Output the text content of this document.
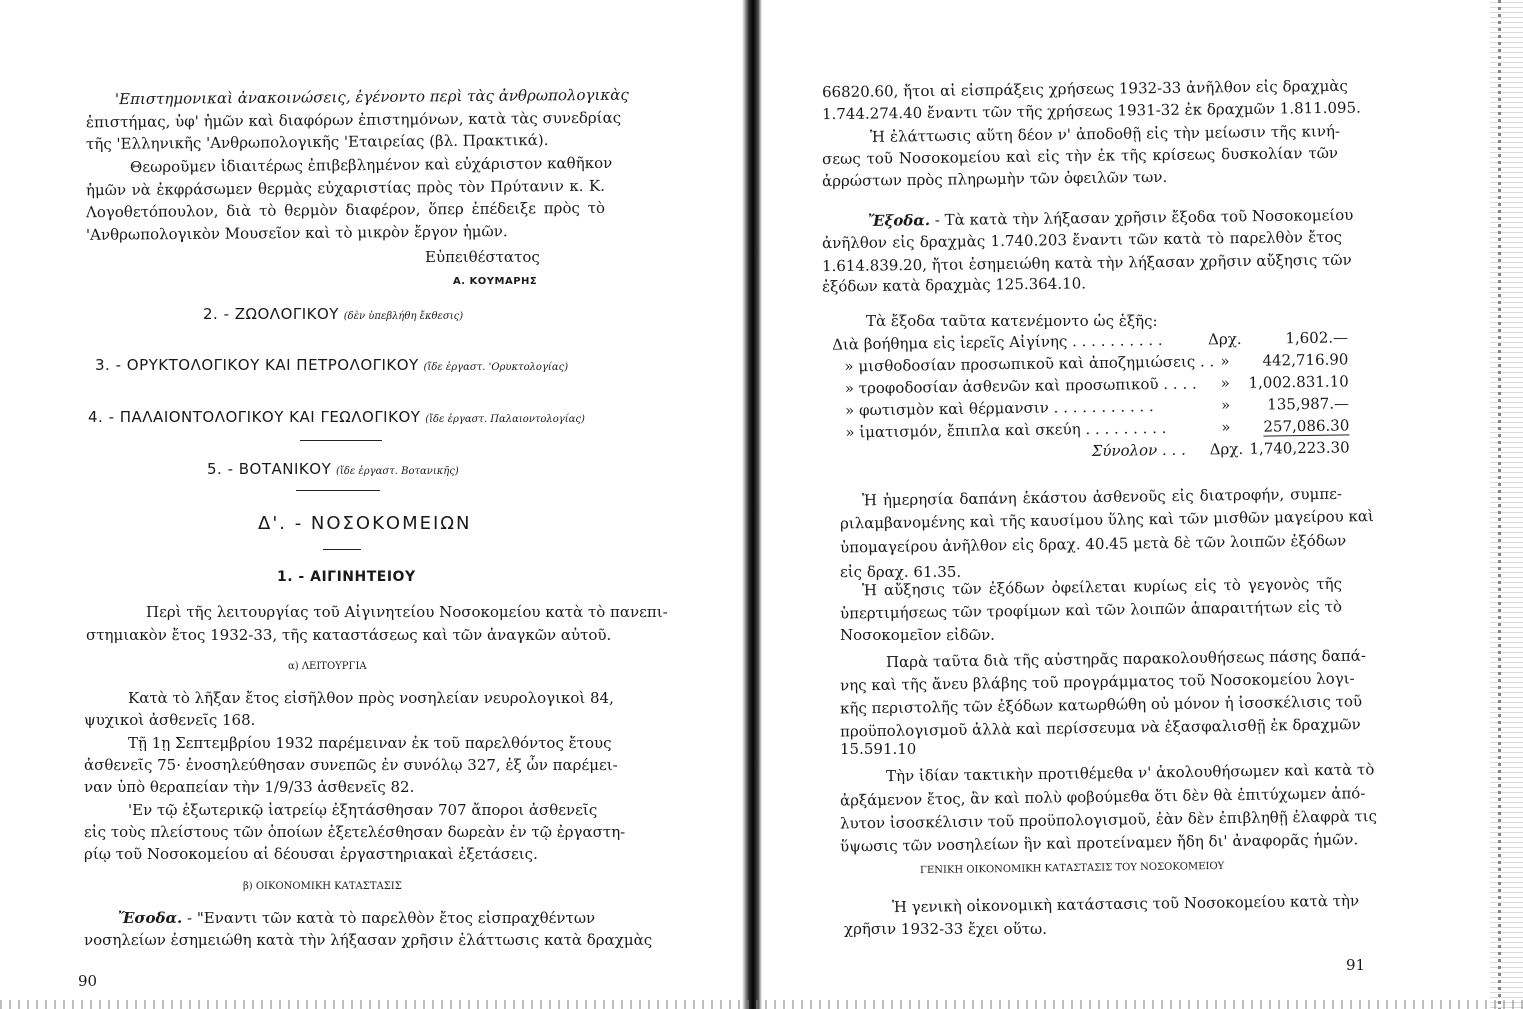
'Επιστημονικαὶ ἀνακοινώσεις, ἐγένοντο περὶ τὰς ἀνθρωπολογικὰς
ἐπιστήμας, ὑφ' ἡμῶν καὶ διαφόρων ἐπιστημόνων, κατὰ τὰς συνεδρίας
τῆς 'Ελληνικῆς 'Ανθρωπολογικῆς 'Εταιρείας (βλ. Πρακτικά).
Θεωροῦμεν ἰδιαιτέρως ἐπιβεβλημένον καὶ εὐχάριστον καθῆκον
ἡμῶν νὰ ἐκφράσωμεν θερμὰς εὐχαριστίας πρὸς τὸν Πρύτανιν κ. Κ.
Λογοθετόπουλον, διὰ τὸ θερμὸν διαφέρον, ὅπερ ἐπέδειξε πρὸς τὸ
'Ανθρωπολογικὸν Μουσεῖον καὶ τὸ μικρὸν ἔργον ἡμῶν.
Εὐπειθέστατος
Α. ΚΟΥΜΑΡΗΣ
2. - ΖΩΟΛΟΓΙΚΟΥ (δὲν ὑπεβλήθη ἔκθεσις)
3. - ΟΡΥΚΤΟΛΟΓΙΚΟΥ ΚΑΙ ΠΕΤΡΟΛΟΓΙΚΟΥ (ἴδε ἐργαστ. 'Ορυκτολογίας)
4. - ΠΑΛΑΙΟΝΤΟΛΟΓΙΚΟΥ ΚΑΙ ΓΕΩΛΟΓΙΚΟΥ (ἴδε ἐργαστ. Παλαιοντολογίας)
5. - ΒΟΤΑΝΙΚΟΥ (ἴδε ἐργαστ. Βοτανικῆς)
Δ'. - ΝΟΣΟΚΟΜΕΙΩΝ
1. - ΑΙΓΙΝΗΤΕΙΟΥ
Περὶ τῆς λειτουργίας τοῦ Αἰγινητείου Νοσοκομείου κατὰ τὸ πανεπι-
στημιακὸν ἔτος 1932-33, τῆς καταστάσεως καὶ τῶν ἀναγκῶν αὐτοῦ.
α) ΛΕΙΤΟΥΡΓΙΑ
Κατὰ τὸ λῆξαν ἔτος εἰσῆλθον πρὸς νοσηλείαν νευρολογικοὶ 84,
ψυχικοὶ ἀσθενεῖς 168.
Τῇ 1ῃ Σεπτεμβρίου 1932 παρέμειναν ἐκ τοῦ παρελθόντος ἔτους
ἀσθενεῖς 75· ἐνοσηλεύθησαν συνεπῶς ἐν συνόλῳ 327, ἐξ ὧν παρέμει-
ναν ὑπὸ θεραπείαν τὴν 1/9/33 ἀσθενεῖς 82.
'Εν τῷ ἐξωτερικῷ ἰατρείῳ ἐξητάσθησαν 707 ἄποροι ἀσθενεῖς
εἰς τοὺς πλείστους τῶν ὁποίων ἐξετελέσθησαν δωρεὰν ἐν τῷ ἐργαστη-
ρίῳ τοῦ Νοσοκομείου αἱ δέουσαι ἐργαστηριακαὶ ἐξετάσεις.
β) ΟΙΚΟΝΟΜΙΚΗ ΚΑΤΑΣΤΑΣΙΣ
Ἔσοδα. - "Εναντι τῶν κατὰ τὸ παρελθὸν ἔτος εἰσπραχθέντων
νοσηλείων ἐσημειώθη κατὰ τὴν λήξασαν χρῆσιν ἐλάττωσις κατὰ δραχμὰς
90
66820.60, ἤτοι αἱ εἰσπράξεις χρήσεως 1932-33 ἀνῆλθον εἰς δραχμὰς
1.744.274.40 ἔναντι τῶν τῆς χρήσεως 1931-32 ἐκ δραχμῶν 1.811.095.
Ἡ ἐλάττωσις αὕτη δέον ν' ἀποδοθῇ εἰς τὴν μείωσιν τῆς κινή-
σεως τοῦ Νοσοκομείου καὶ εἰς τὴν ἐκ τῆς κρίσεως δυσκολίαν τῶν
ἀρρώστων πρὸς πληρωμὴν τῶν ὀφειλῶν των.
Ἔξοδα. - Τὰ κατὰ τὴν λήξασαν χρῆσιν ἔξοδα τοῦ Νοσοκομείου
ἀνῆλθον εἰς δραχμὰς 1.740.203 ἔναντι τῶν κατὰ τὸ παρελθὸν ἔτος
1.614.839.20, ἤτοι ἐσημειώθη κατὰ τὴν λήξασαν χρῆσιν αὔξησις τῶν
ἐξόδων κατὰ δραχμὰς 125.364.10.
Τὰ ἔξοδα ταῦτα κατενέμοντο ὡς ἑξῆς:
Διὰ βοήθημα εἰς ἱερεῖς Αἰγίνης . . . . . . . . . .	Δρχ.	1,602.—
» μισθοδοσίαν προσωπικοῦ καὶ ἀποζημιώσεις . . » 442,716.90
» τροφοδοσίαν ἀσθενῶν καὶ προσωπικοῦ . . . . » 1,002.831.10
» φωτισμὸν καὶ θέρμανσιν . . . . . . . . . . .	» 135,987.—
» ἱματισμόν, ἔπιπλα καὶ σκεύη . . . . . . . . .	» 257,086.30
Σύνολον . . . Δρχ. 1,740,223.30
Ἡ ἡμερησία δαπάνη ἑκάστου ἀσθενοῦς εἰς διατροφήν, συμπε-
ριλαμβανομένης καὶ τῆς καυσίμου ὕλης καὶ τῶν μισθῶν μαγείρου καὶ
ὑπομαγείρου ἀνῆλθον εἰς δραχ. 40.45 μετὰ δὲ τῶν λοιπῶν ἐξόδων
εἰς δραχ. 61.35.
Ἡ αὔξησις τῶν ἐξόδων ὀφείλεται κυρίως εἰς τὸ γεγονὸς τῆς
ὑπερτιμήσεως τῶν τροφίμων καὶ τῶν λοιπῶν ἀπαραιτήτων εἰς τὸ
Νοσοκομεῖον εἰδῶν.
Παρὰ ταῦτα διὰ τῆς αὐστηρᾶς παρακολουθήσεως πάσης δαπά-
νης καὶ τῆς ἄνευ βλάβης τοῦ προγράμματος τοῦ Νοσοκομείου λογι-
κῆς περιστολῆς τῶν ἐξόδων κατωρθώθη οὐ μόνον ἡ ἰσοσκέλισις τοῦ
προϋπολογισμοῦ ἀλλὰ καὶ περίσσευμα νὰ ἐξασφαλισθῇ ἐκ δραχμῶν
15.591.10
Τὴν ἰδίαν τακτικὴν προτιθέμεθα ν' ἀκολουθήσωμεν καὶ κατὰ τὸ
ἀρξάμενον ἔτος, ἂν καὶ πολὺ φοβούμεθα ὅτι δὲν θὰ ἐπιτύχωμεν ἀπό-
λυτον ἰσοσκέλισιν τοῦ προϋπολογισμοῦ, ἐὰν δὲν ἐπιβληθῇ ἐλαφρὰ τις
ὕψωσις τῶν νοσηλείων ἣν καὶ προτείναμεν ἤδη δι' ἀναφορᾶς ἡμῶν.
ΓΕΝΙΚΗ ΟΙΚΟΝΟΜΙΚΗ ΚΑΤΑΣΤΑΣΙΣ ΤΟΥ ΝΟΣΟΚΟΜΕΙΟΥ
Ἡ γενικὴ οἰκονομικὴ κατάστασις τοῦ Νοσοκομείου κατὰ τὴν
χρῆσιν 1932-33 ἔχει οὕτω.
91
